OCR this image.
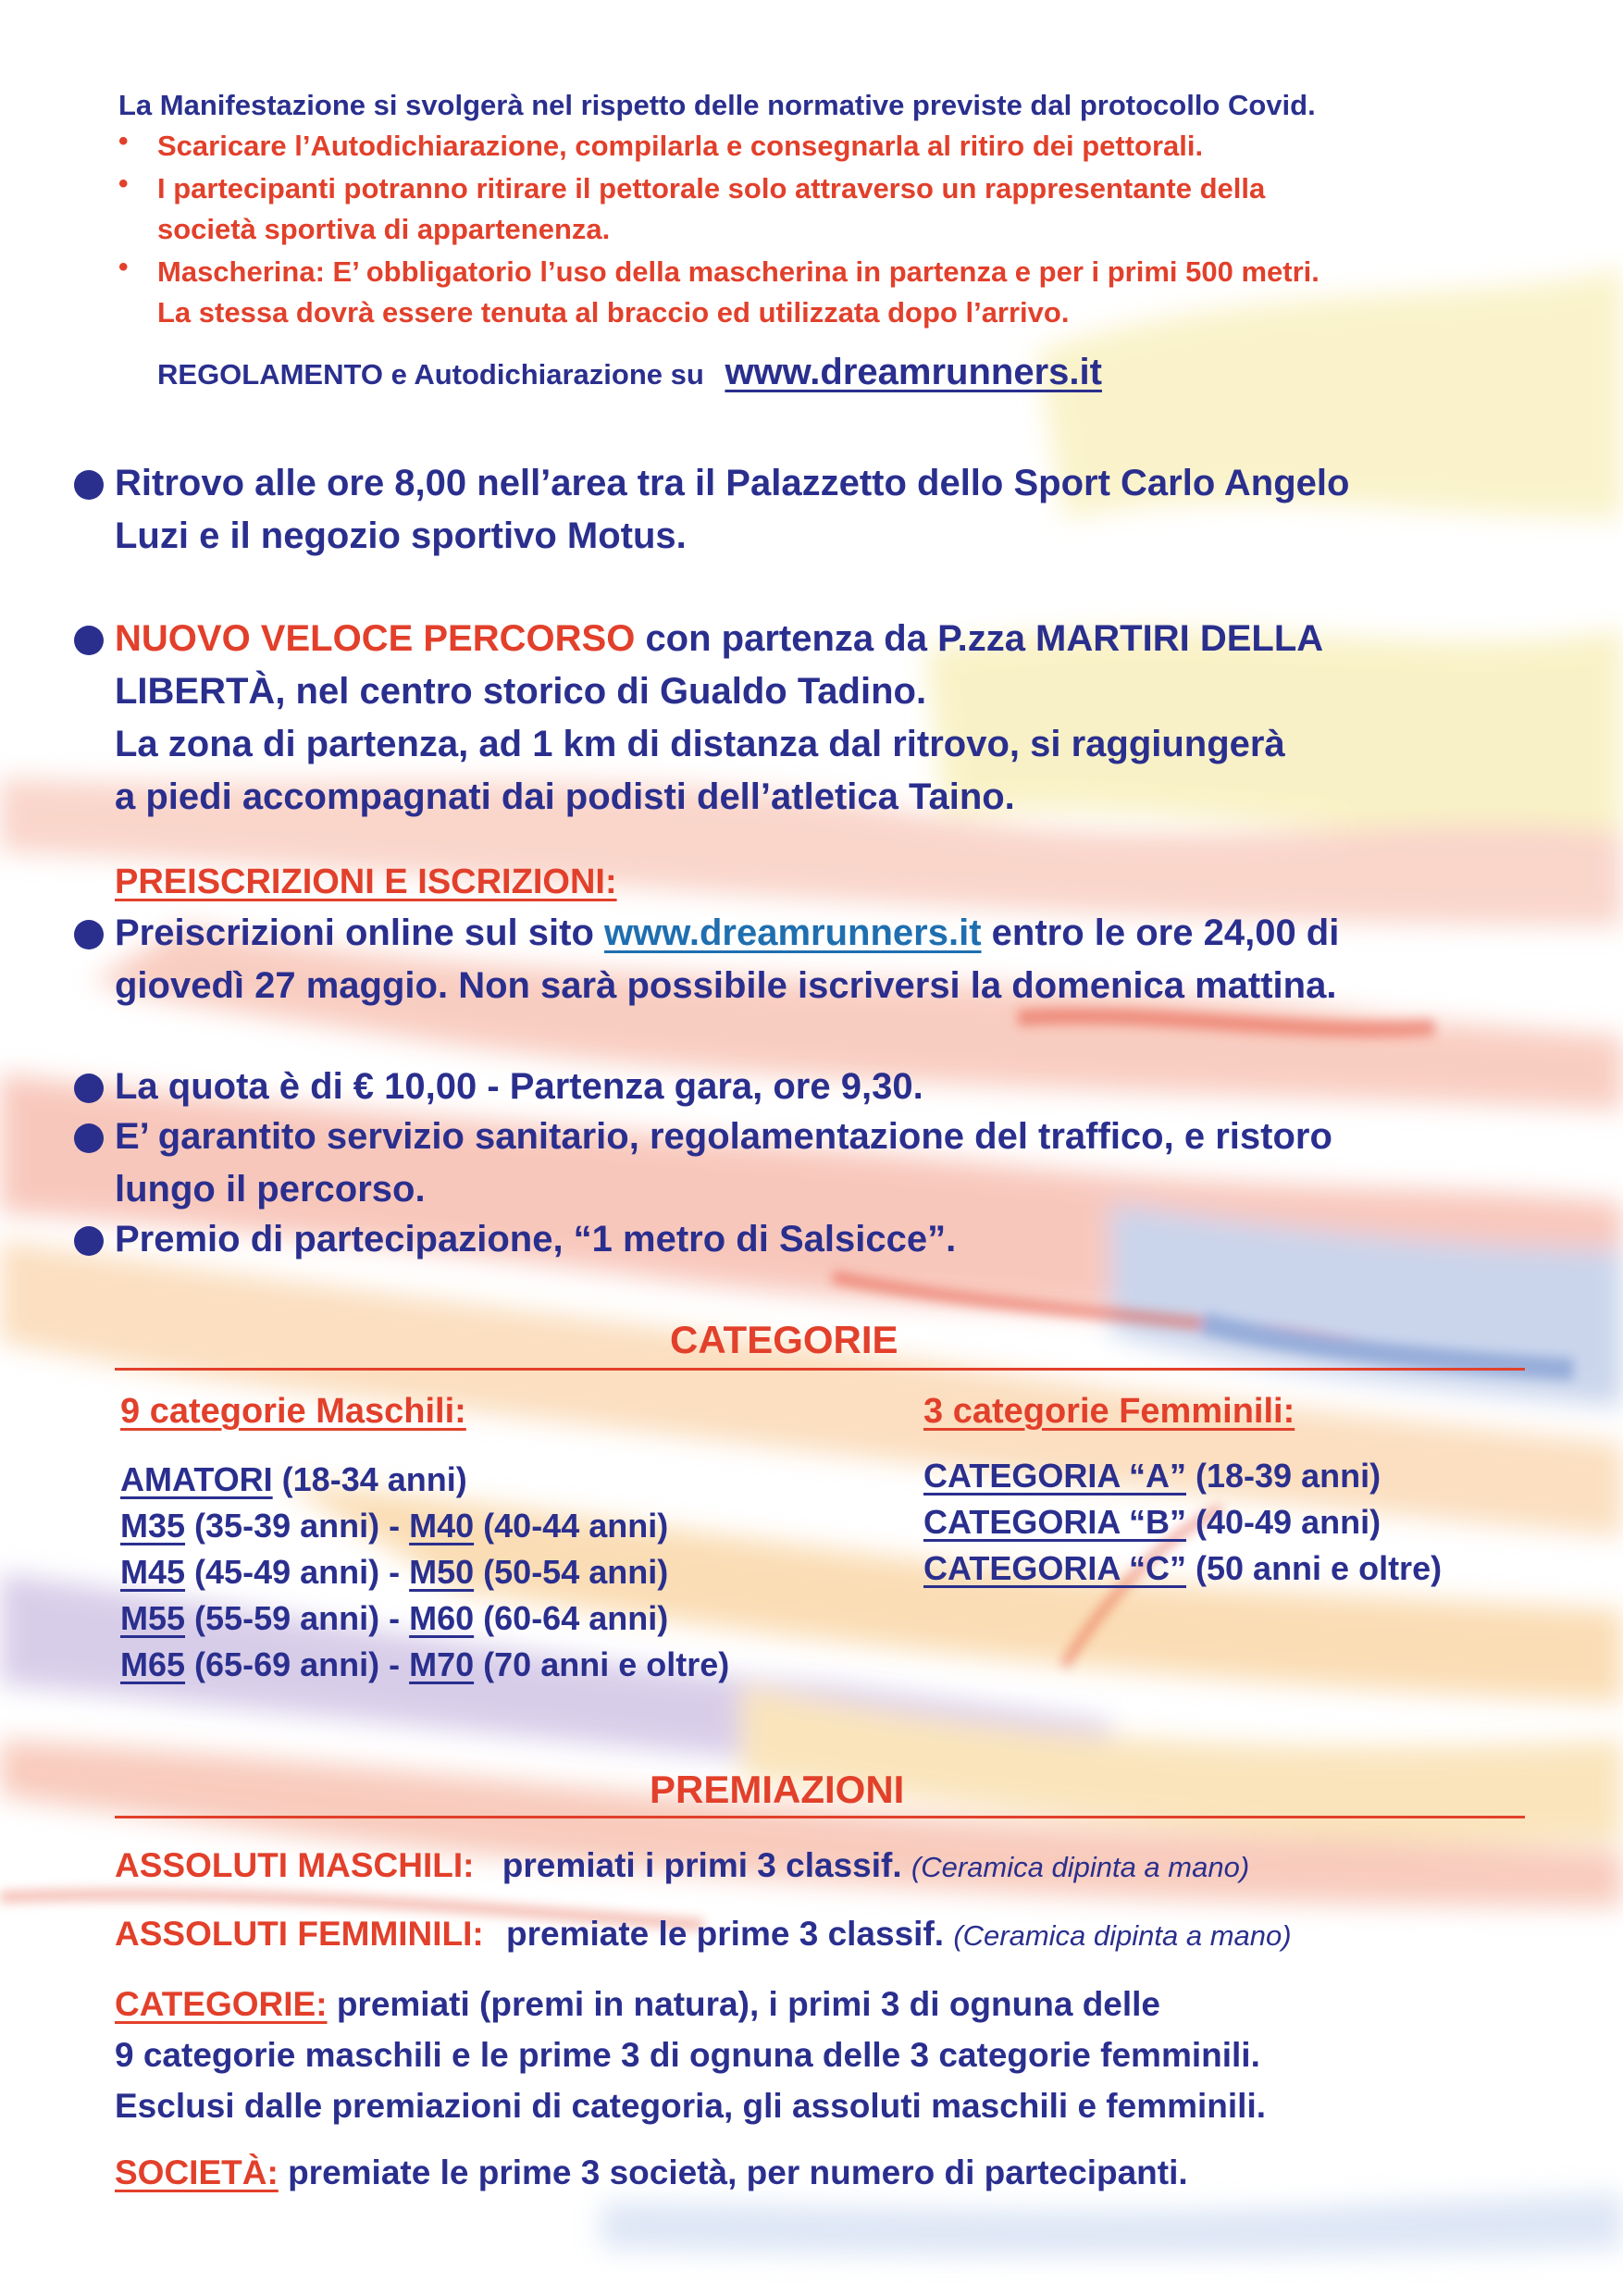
La Manifestazione si svolgerà nel rispetto delle normative previste dal protocollo Covid.
• Scaricare l’Autodichiarazione, compilarla e consegnarla al ritiro dei pettorali.
• I partecipanti potranno ritirare il pettorale solo attraverso un rappresentante della
società sportiva di appartenenza.
• Mascherina: E’ obbligatorio l’uso della mascherina in partenza e per i primi 500 metri.
La stessa dovrà essere tenuta al braccio ed utilizzata dopo l’arrivo.
REGOLAMENTO e Autodichiarazione su www.dreamrunners.it
Ritrovo alle ore 8,00 nell’area tra il Palazzetto dello Sport Carlo Angelo
Luzi e il negozio sportivo Motus.
NUOVO VELOCE PERCORSO con partenza da P.zza MARTIRI DELLA
LIBERTÀ, nel centro storico di Gualdo Tadino.
La zona di partenza, ad 1 km di distanza dal ritrovo, si raggiungerà
a piedi accompagnati dai podisti dell’atletica Taino.
PREISCRIZIONI E ISCRIZIONI:
Preiscrizioni online sul sito www.dreamrunners.it entro le ore 24,00 di
giovedì 27 maggio. Non sarà possibile iscriversi la domenica mattina.
La quota è di € 10,00 - Partenza gara, ore 9,30.
E’ garantito servizio sanitario, regolamentazione del traffico, e ristoro
lungo il percorso.
Premio di partecipazione, “1 metro di Salsicce”.
CATEGORIE
9 categorie Maschili:	3 categorie Femminili:
AMATORI (18-34 anni)
M35 (35-39 anni) - M40 (40-44 anni)
M45 (45-49 anni) - M50 (50-54 anni)
M55 (55-59 anni) - M60 (60-64 anni)
M65 (65-69 anni) - M70 (70 anni e oltre)
CATEGORIA “A” (18-39 anni)
CATEGORIA “B” (40-49 anni)
CATEGORIA “C” (50 anni e oltre)
PREMIAZIONI
ASSOLUTI MASCHILI: premiati i primi 3 classif. (Ceramica dipinta a mano)
ASSOLUTI FEMMINILI: premiate le prime 3 classif. (Ceramica dipinta a mano)
CATEGORIE: premiati (premi in natura), i primi 3 di ognuna delle
9 categorie maschili e le prime 3 di ognuna delle 3 categorie femminili.
Esclusi dalle premiazioni di categoria, gli assoluti maschili e femminili.
SOCIETÀ: premiate le prime 3 società, per numero di partecipanti.
